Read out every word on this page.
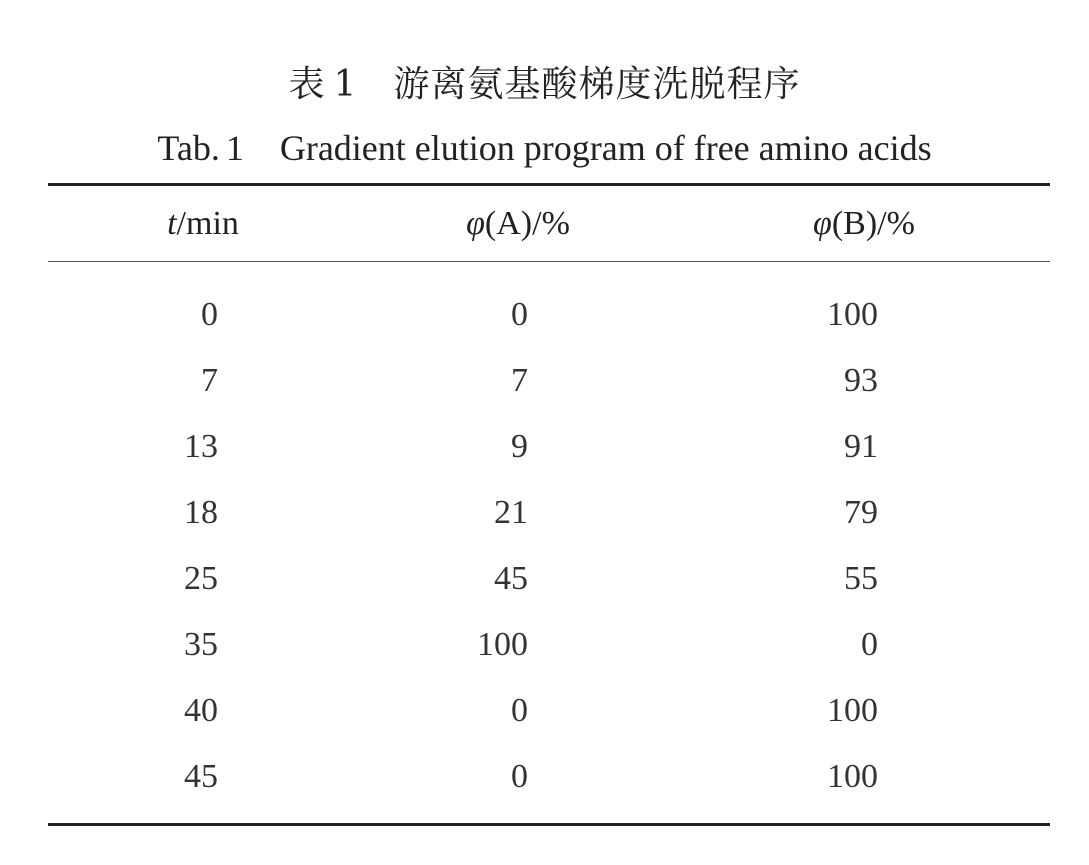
表 1 游离氨基酸梯度洗脱程序
Tab. 1 Gradient elution program of free amino acids
t/min	φ(A)/%	φ(B)/%
0	0	100
7	7	93
13	9	91
18	21	79
25	45	55
35	100	0
40	0	100
45	0	100
